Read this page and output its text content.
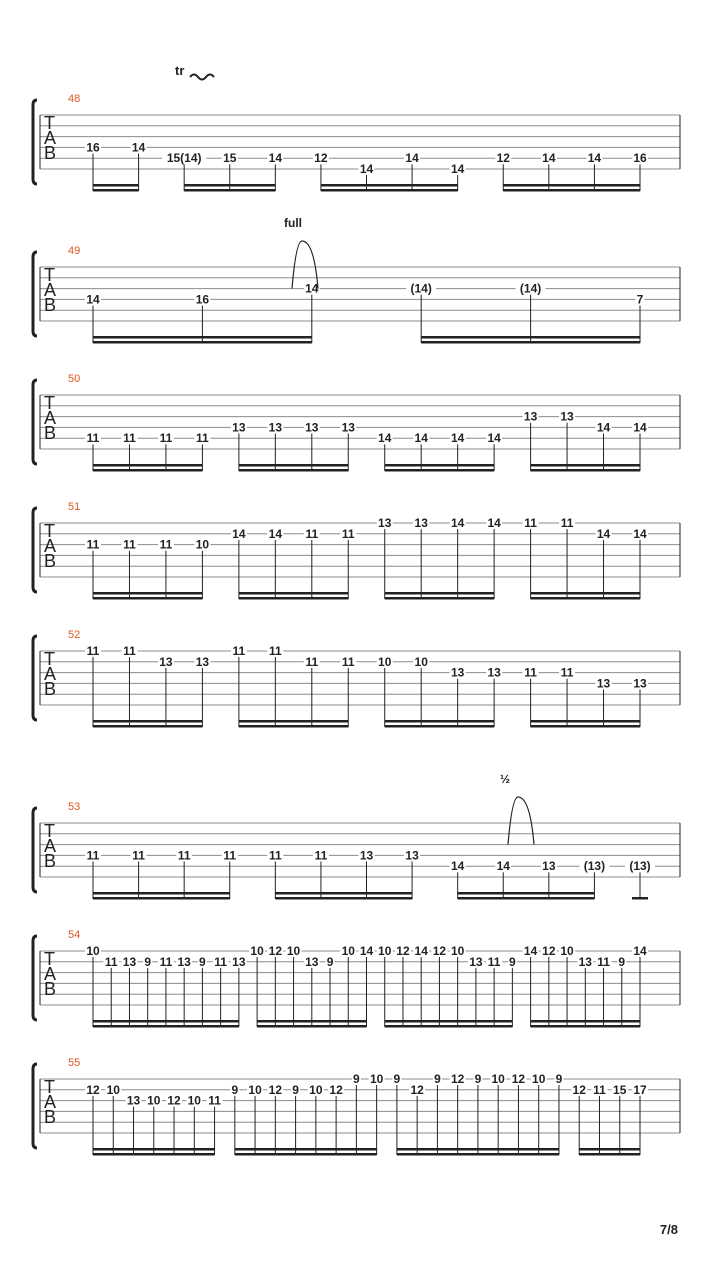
T
A
B
48
16	14
15(14) 15	14	12
14
14
14
12	14	14	16
tr
T
A
B
49
14	16
14	(14)	(14)
7
full
T
A
B
50
11 11 11 11
13 13 13 13
14 14 14 14
13 13
14 14
T
A
B
51
11 11 11 10
14 14 11 11
13 13 14 14 11 11
14 14
T
A
B
52
11 11
13 13
11 11
11 11 10 10
13 13 11 11
13 13
T
A
B
53
11	11	11	11	11	11	13	13
14	14	13 (13) (13)
½
T
A
B
54
10
11 13 9 11 13 9 11 13
10 12 10
13 9
10 14 10 12 14 12 10
13 11 9
14 12 10
13 11 9
14
T
A
B
55
12 10
13 10 12 10 11
9 10 12 9 10 12
9 10 9
12
9 12 9 10 12 10 9
12 11 15 17
7/8
